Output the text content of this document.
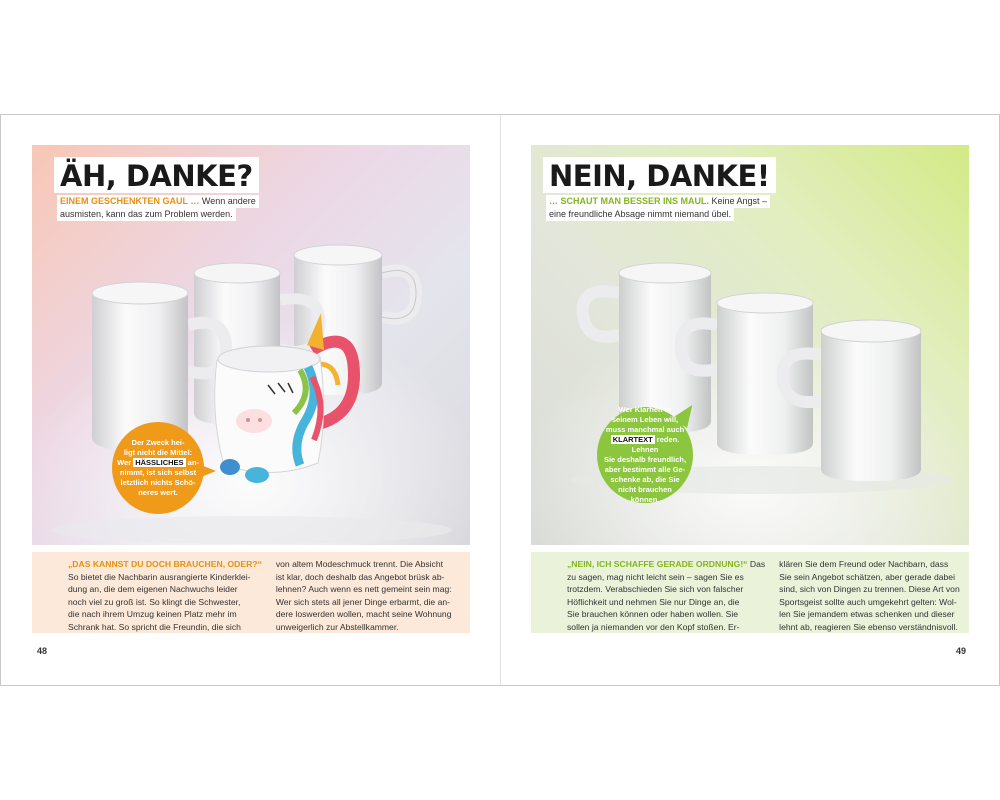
ÄH, DANKE?
EINEM GESCHENKTEN GAUL … Wenn andere
ausmisten, kann das zum Problem werden.
Der Zweck hei-
ligt nicht die Mittel:
Wer HÄSSLICHES an-
nimmt, ist sich selbst
letztlich nichts Schö-
neres wert.
„DAS KANNST DU DOCH BRAUCHEN, ODER?“
So bietet die Nachbarin ausrangierte Kinderklei-
dung an, die dem eigenen Nachwuchs leider
noch viel zu groß ist. So klingt die Schwester,
die nach ihrem Umzug keinen Platz mehr im
Schrank hat. So spricht die Freundin, die sich
von altem Modeschmuck trennt. Die Absicht
ist klar, doch deshalb das Angebot brüsk ab-
lehnen? Auch wenn es nett gemeint sein mag:
Wer sich stets all jener Dinge erbarmt, die an-
dere loswerden wollen, macht seine Wohnung
unweigerlich zur Abstellkammer.
48
NEIN, DANKE!
… SCHAUT MAN BESSER INS MAUL. Keine Angst –
eine freundliche Absage nimmt niemand übel.
Wer Klarheit in
seinem Leben will,
muss manchmal auch
KLARTEXT reden. Lehnen
Sie deshalb freundlich,
aber bestimmt alle Ge-
schenke ab, die Sie
nicht brauchen
können.
„NEIN, ICH SCHAFFE GERADE ORDNUNG!“ Das
zu sagen, mag nicht leicht sein – sagen Sie es
trotzdem. Verabschieden Sie sich von falscher
Höflichkeit und nehmen Sie nur Dinge an, die
Sie brauchen können oder haben wollen. Sie
sollen ja niemanden vor den Kopf stoßen. Er-
klären Sie dem Freund oder Nachbarn, dass
Sie sein Angebot schätzen, aber gerade dabei
sind, sich von Dingen zu trennen. Diese Art von
Sportsgeist sollte auch umgekehrt gelten: Wol-
len Sie jemandem etwas schenken und dieser
lehnt ab, reagieren Sie ebenso verständnisvoll.
49
